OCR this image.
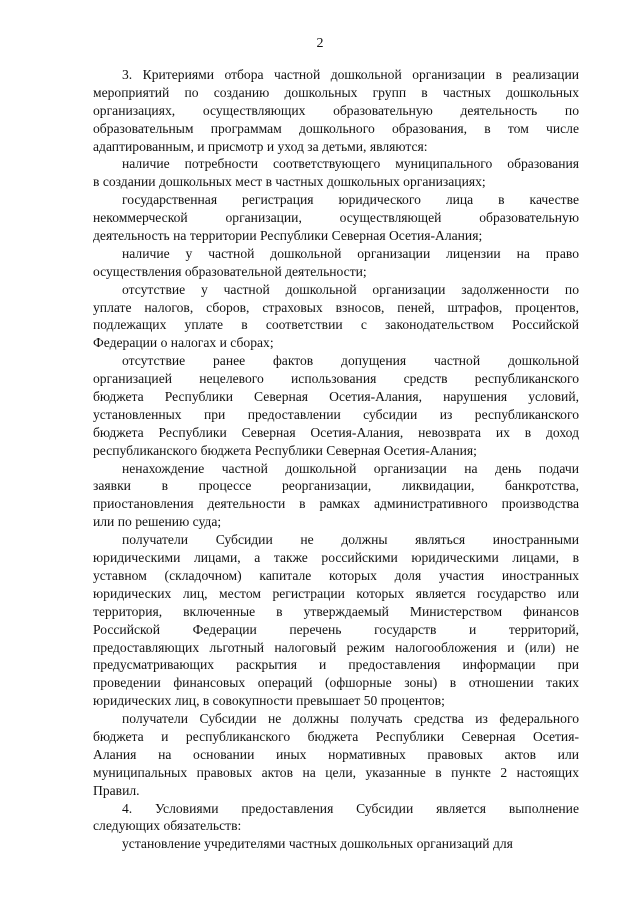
2
3. Критериями отбора частной дошкольной организации в реализации
мероприятий по созданию дошкольных групп в частных дошкольных
организациях, осуществляющих образовательную деятельность по
образовательным программам дошкольного образования, в том числе
адаптированным, и присмотр и уход за детьми, являются:
наличие потребности соответствующего муниципального образования
в создании дошкольных мест в частных дошкольных организациях;
государственная регистрация юридического лица в качестве
некоммерческой организации, осуществляющей образовательную
деятельность на территории Республики Северная Осетия-Алания;
наличие у частной дошкольной организации лицензии на право
осуществления образовательной деятельности;
отсутствие у частной дошкольной организации задолженности по
уплате налогов, сборов, страховых взносов, пеней, штрафов, процентов,
подлежащих уплате в соответствии с законодательством Российской
Федерации о налогах и сборах;
отсутствие ранее фактов допущения частной дошкольной
организацией нецелевого использования средств республиканского
бюджета Республики Северная Осетия-Алания, нарушения условий,
установленных при предоставлении субсидии из республиканского
бюджета Республики Северная Осетия-Алания, невозврата их в доход
республиканского бюджета Республики Северная Осетия-Алания;
ненахождение частной дошкольной организации на день подачи
заявки в процессе реорганизации, ликвидации, банкротства,
приостановления деятельности в рамках административного производства
или по решению суда;
получатели Субсидии не должны являться иностранными
юридическими лицами, а также российскими юридическими лицами, в
уставном (складочном) капитале которых доля участия иностранных
юридических лиц, местом регистрации которых является государство или
территория, включенные в утверждаемый Министерством финансов
Российской Федерации перечень государств и территорий,
предоставляющих льготный налоговый режим налогообложения и (или) не
предусматривающих раскрытия и предоставления информации при
проведении финансовых операций (офшорные зоны) в отношении таких
юридических лиц, в совокупности превышает 50 процентов;
получатели Субсидии не должны получать средства из федерального
бюджета и республиканского бюджета Республики Северная Осетия-
Алания на основании иных нормативных правовых актов или
муниципальных правовых актов на цели, указанные в пункте 2 настоящих
Правил.
4. Условиями предоставления Субсидии является выполнение
следующих обязательств:
установление учредителями частных дошкольных организаций для
